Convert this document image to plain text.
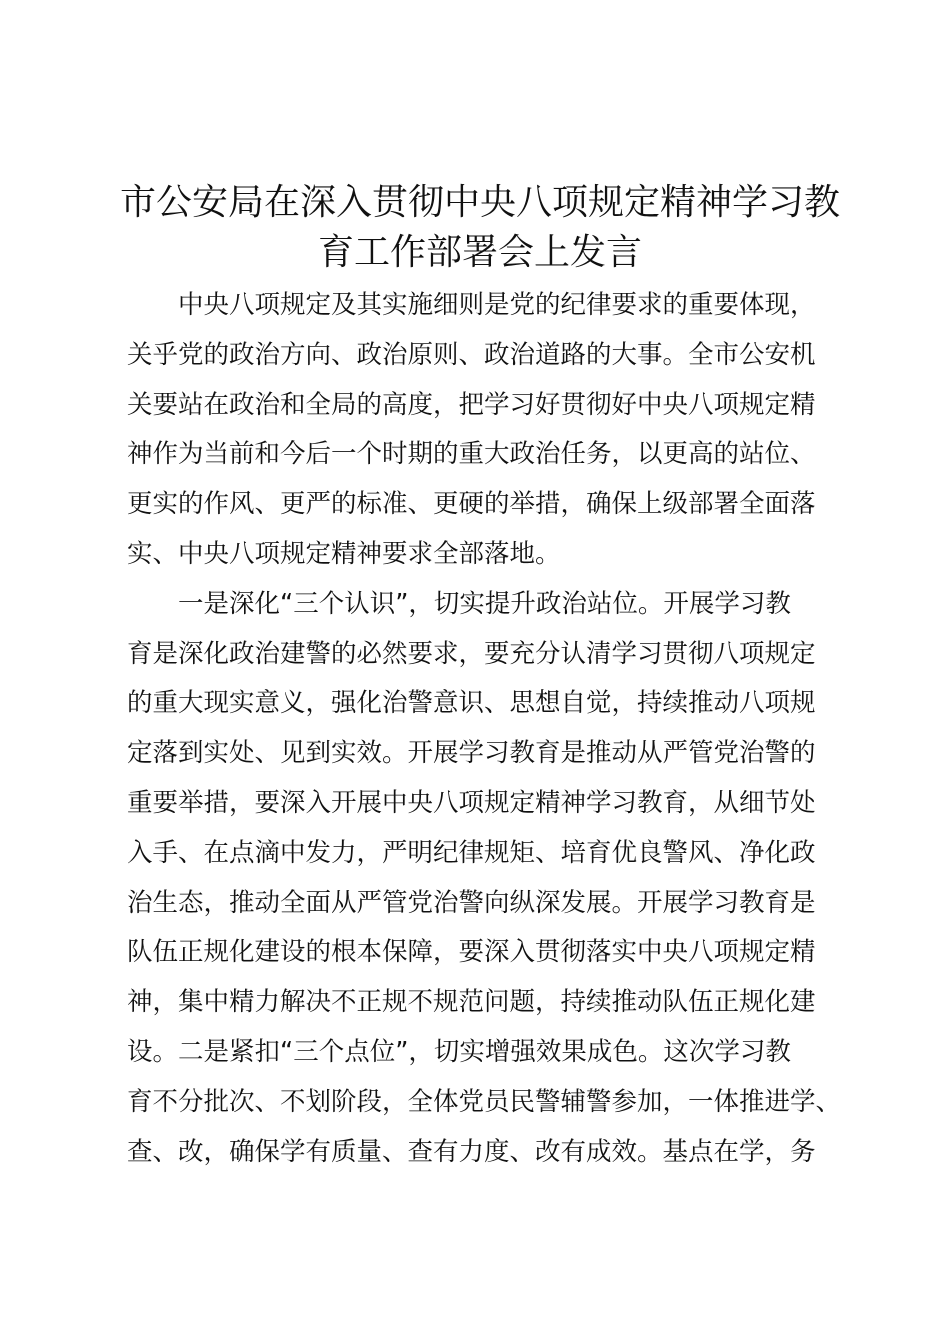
市公安局在深入贯彻中央八项规定精神学习教
育工作部署会上发言
中央八项规定及其实施细则是党的纪律要求的重要体现，
关乎党的政治方向、政治原则、政治道路的大事。全市公安机
关要站在政治和全局的高度，把学习好贯彻好中央八项规定精
神作为当前和今后一个时期的重大政治任务，以更高的站位、
更实的作风、更严的标准、更硬的举措，确保上级部署全面落
实、中央八项规定精神要求全部落地。
一是深化“三个认识”，切实提升政治站位。开展学习教
育是深化政治建警的必然要求，要充分认清学习贯彻八项规定
的重大现实意义，强化治警意识、思想自觉，持续推动八项规
定落到实处、见到实效。开展学习教育是推动从严管党治警的
重要举措，要深入开展中央八项规定精神学习教育，从细节处
入手、在点滴中发力，严明纪律规矩、培育优良警风、净化政
治生态，推动全面从严管党治警向纵深发展。开展学习教育是
队伍正规化建设的根本保障，要深入贯彻落实中央八项规定精
神，集中精力解决不正规不规范问题，持续推动队伍正规化建
设。二是紧扣“三个点位”，切实增强效果成色。这次学习教
育不分批次、不划阶段，全体党员民警辅警参加，一体推进学、
查、改，确保学有质量、查有力度、改有成效。基点在学，务
